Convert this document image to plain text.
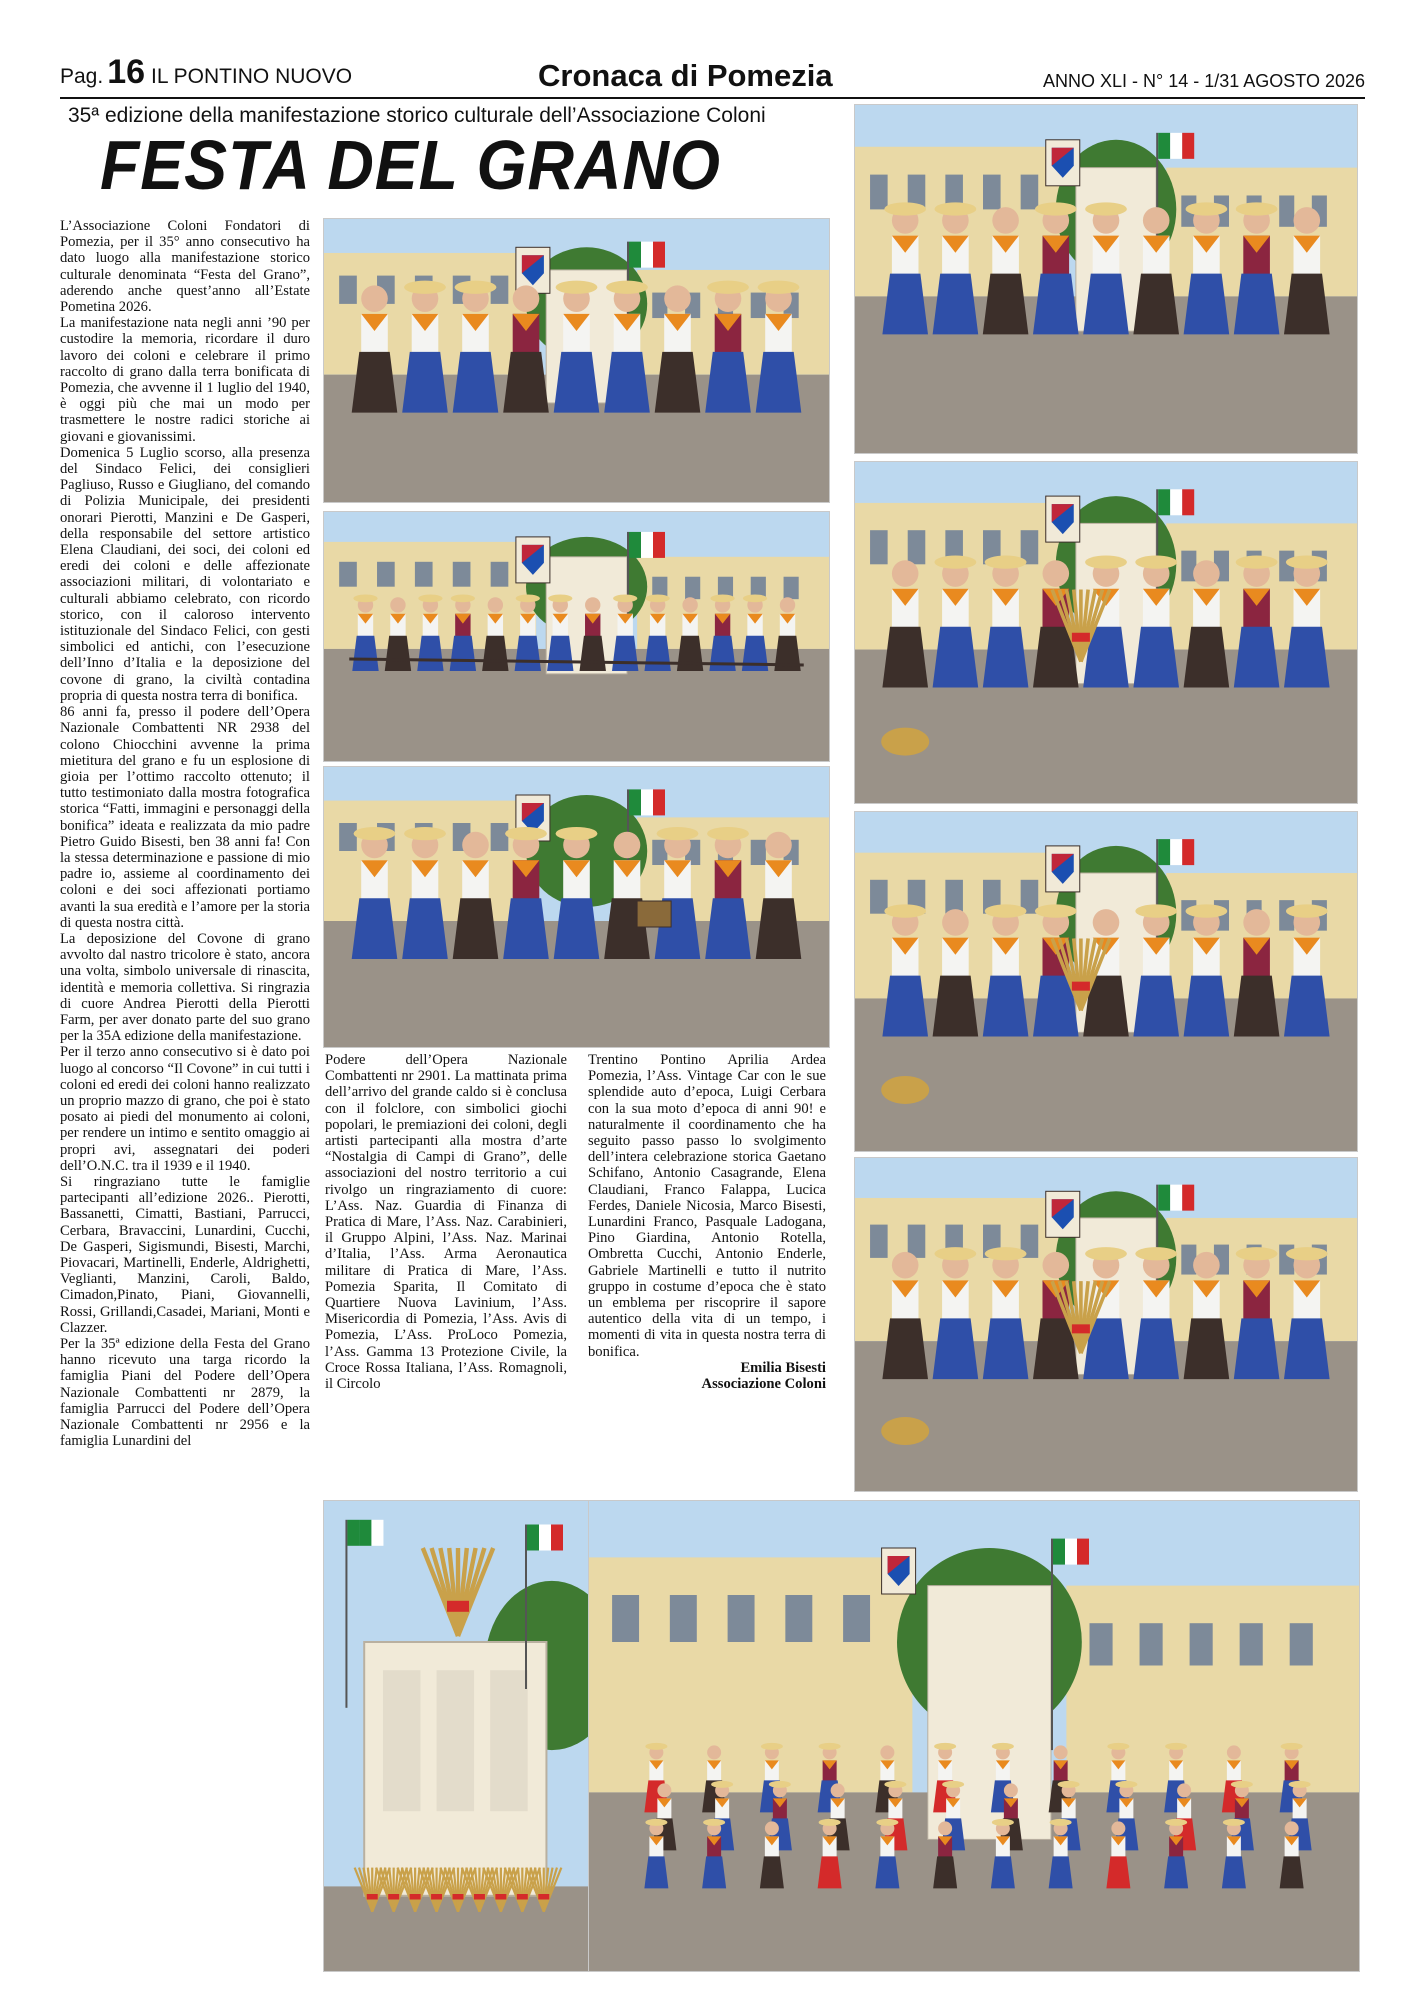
Pag. 16 IL PONTINO NUOVO	Cronaca di Pomezia	ANNO XLI - N° 14 - 1/31 AGOSTO 2026
35ª edizione della manifestazione storico culturale dell’Associazione Coloni
FESTA DEL GRANO

L’Associazione Coloni Fondatori di Pomezia, per il 35° anno consecutivo ha dato luogo alla manifestazione storico culturale denominata “Festa del Grano”, aderendo anche quest’anno all’Estate Pometina 2026.

La manifestazione nata negli anni ’90 per custodire la memoria, ricordare il duro lavoro dei coloni e celebrare il primo raccolto di grano dalla terra bonificata di Pomezia, che avvenne il 1 luglio del 1940, è oggi più che mai un modo per trasmettere le nostre radici storiche ai giovani e giovanissimi.

Domenica 5 Luglio scorso, alla presenza del Sindaco Felici, dei consiglieri Pagliuso, Russo e Giugliano, del comando di Polizia Municipale, dei presidenti onorari Pierotti, Manzini e De Gasperi, della responsabile del settore artistico Elena Claudiani, dei soci, dei coloni ed eredi dei coloni e delle affezionate associazioni militari, di volontariato e culturali abbiamo celebrato, con ricordo storico, con il caloroso intervento istituzionale del Sindaco Felici, con gesti simbolici ed antichi, con l’esecuzione dell’Inno d’Italia e la deposizione del covone di grano, la civiltà contadina propria di questa nostra terra di bonifica.

86 anni fa, presso il podere dell’Opera Nazionale Combattenti NR 2938 del colono Chiocchini avvenne la prima mietitura del grano e fu un esplosione di gioia per l’ottimo raccolto ottenuto; il tutto testimoniato dalla mostra fotografica storica “Fatti, immagini e personaggi della bonifica” ideata e realizzata da mio padre Pietro Guido Bisesti, ben 38 anni fa! Con la stessa determinazione e passione di mio padre io, assieme al coordinamento dei coloni e dei soci affezionati portiamo avanti la sua eredità e l’amore per la storia di questa nostra città.

La deposizione del Covone di grano avvolto dal nastro tricolore è stato, ancora una volta, simbolo universale di rinascita, identità e memoria collettiva. Si ringrazia di cuore Andrea Pierotti della Pierotti Farm, per aver donato parte del suo grano per la 35A edizione della manifestazione.

Per il terzo anno consecutivo si è dato poi luogo al concorso “Il Covone” in cui tutti i coloni ed eredi dei coloni hanno realizzato un proprio mazzo di grano, che poi è stato posato ai piedi del monumento ai coloni, per rendere un intimo e sentito omaggio ai propri avi, assegnatari dei poderi dell’O.N.C. tra il 1939 e il 1940.

Si ringraziano tutte le famiglie partecipanti all’edizione 2026.. Pierotti, Bassanetti, Cimatti, Bastiani, Parrucci, Cerbara, Bravaccini, Lunardini, Cucchi, De Gasperi, Sigismundi, Bisesti, Marchi, Piovacari, Martinelli, Enderle, Aldrighetti, Veglianti, Manzini, Caroli, Baldo, Cimadon,Pinato, Piani, Giovannelli, Rossi, Grillandi,Casadei, Mariani, Monti e Clazzer.

Per la 35ª edizione della Festa del Grano hanno ricevuto una targa ricordo la famiglia Piani del Podere dell’Opera Nazionale Combattenti nr 2879, la famiglia Parrucci del Podere dell’Opera Nazionale Combattenti nr 2956 e la famiglia Lunardini del

Podere dell’Opera Nazionale Combattenti nr 2901. La mattinata prima dell’arrivo del grande caldo si è conclusa con il folclore, con simbolici giochi popolari, le premiazioni dei coloni, degli artisti partecipanti alla mostra d’arte “Nostalgia di Campi di Grano”, delle associazioni del nostro territorio a cui rivolgo un ringraziamento di cuore: L’Ass. Naz. Guardia di Finanza di Pratica di Mare, l’Ass. Naz. Carabinieri, il Gruppo Alpini, l’Ass. Naz. Marinai d’Italia, l’Ass. Arma Aeronautica militare di Pratica di Mare, l’Ass. Pomezia Sparita, Il Comitato di Quartiere Nuova Lavinium, l’Ass. Misericordia di Pomezia, l’Ass. Avis di Pomezia, L’Ass. ProLoco Pomezia, l’Ass. Gamma 13 Protezione Civile, la Croce Rossa Italiana, l’Ass. Romagnoli, il Circolo

Trentino Pontino Aprilia Ardea Pomezia, l’Ass. Vintage Car con le sue splendide auto d’epoca, Luigi Cerbara con la sua moto d’epoca di anni 90! e naturalmente il coordinamento che ha seguito passo passo lo svolgimento dell’intera celebrazione storica Gaetano Schifano, Antonio Casagrande, Elena Claudiani, Franco Falappa, Lucica Ferdes, Daniele Nicosia, Marco Bisesti, Lunardini Franco, Pasquale Ladogana, Pino Giardina, Antonio Rotella, Ombretta Cucchi, Antonio Enderle, Gabriele Martinelli e tutto il nutrito gruppo in costume d’epoca che è stato un emblema per riscoprire il sapore autentico della vita di un tempo, i momenti di vita in questa nostra terra di bonifica.

Emilia Bisesti
Associazione Coloni
